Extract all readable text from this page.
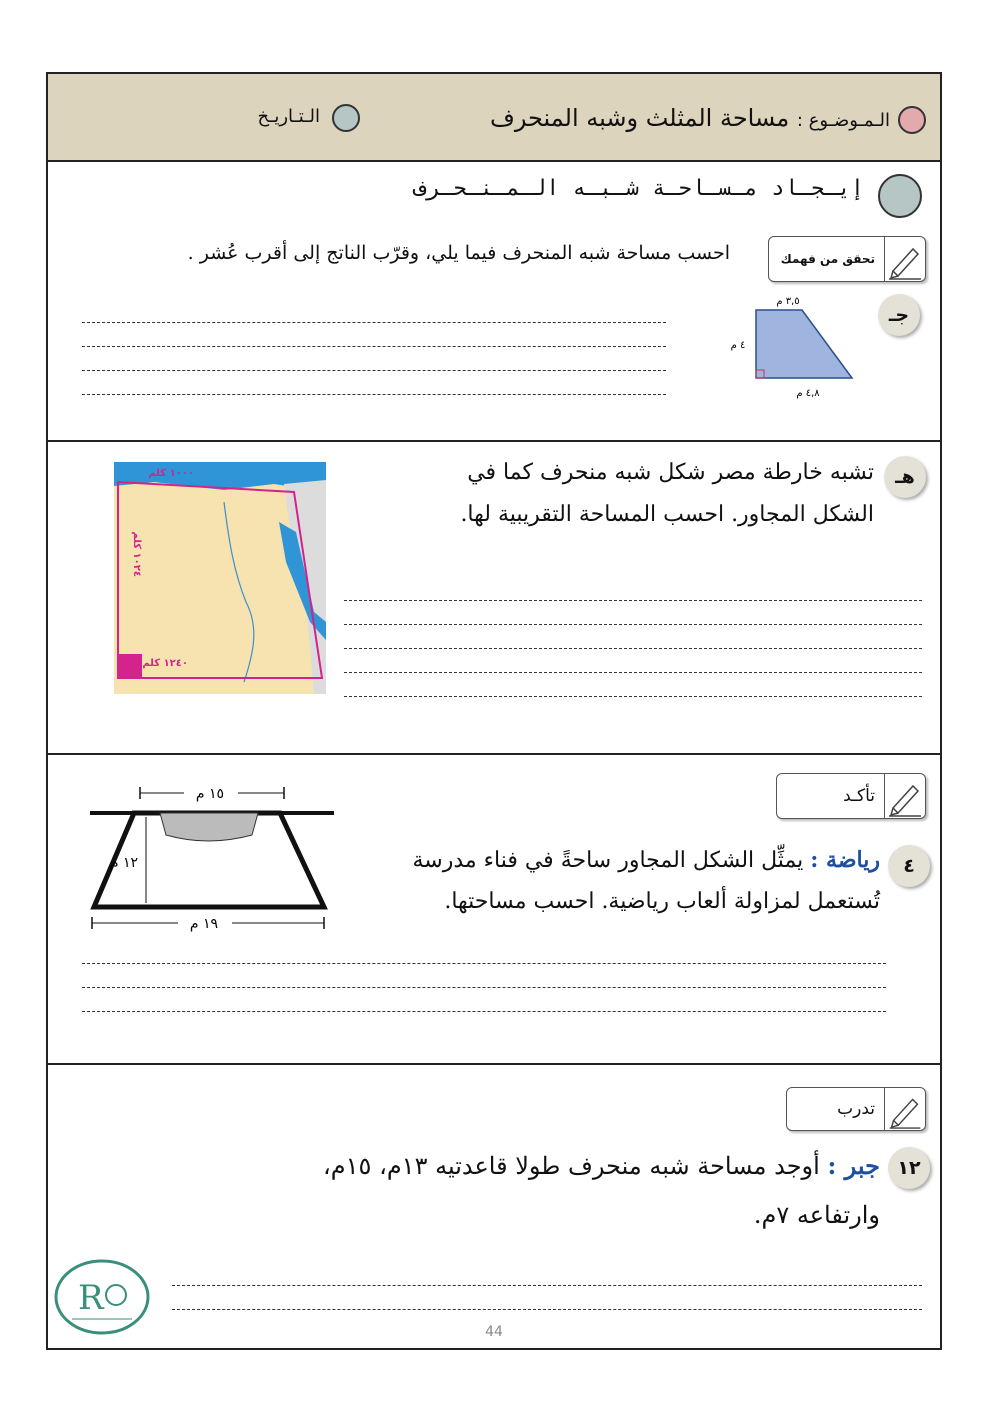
الـمـوضـوع : مساحة المثلث وشبه المنحرف
الـتـاريـخ
إيـجـاد مـسـاحـة شـبـه الـمـنـحـرف
تحقق من فهمك
احسب مساحة شبه المنحرف فيما يلي، وقرّب الناتج إلى أقرب عُشر .
جـ
٣,٥ م
٤ م
٤,٨ م
هـ
تشبه خارطة مصر شكل شبه منحرف كما في
الشكل المجاور. احسب المساحة التقريبية لها.
١٠٠٠ كلم
١٢٤٠ كلم
١٠٢٤ كلم
تأكـد
٤
رياضة : يمثِّل الشكل المجاور ساحةً في فناء مدرسة
تُستعمل لمزاولة ألعاب رياضية. احسب مساحتها.
١٥ م
١٢ م
١٩ م
تدرب
١٢
جبر : أوجد مساحة شبه منحرف طولا قاعدتيه ١٣م، ١٥م،
وارتفاعه ٧م.
R
44
